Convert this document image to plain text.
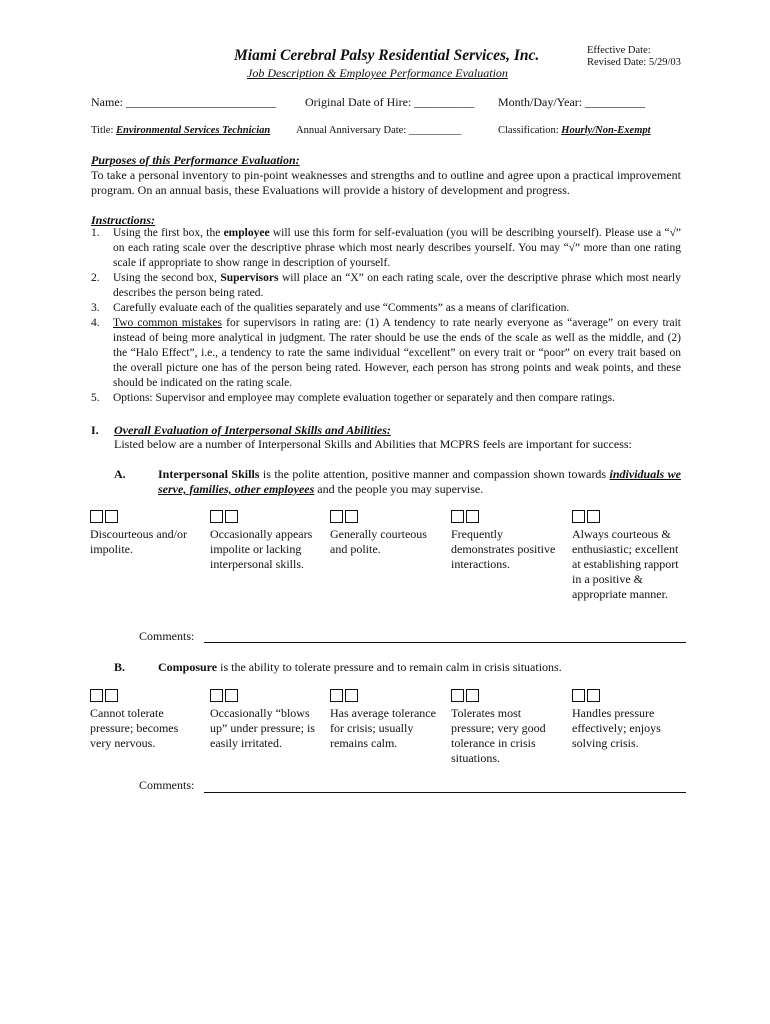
Miami Cerebral Palsy Residential Services, Inc.
Job Description & Employee Performance Evaluation
Effective Date:
Revised Date: 5/29/03
Name: _________________________ Original Date of Hire: __________ Month/Day/Year: __________
Title: Environmental Services Technician Annual Anniversary Date: __________	Classification: Hourly/Non-Exempt
Purposes of this Performance Evaluation:
To take a personal inventory to pin-point weaknesses and strengths and to outline and agree upon a practical improvement program. On an annual basis, these Evaluations will provide a history of development and progress.
Instructions:
1. Using the first box, the employee will use this form for self-evaluation (you will be describing yourself). Please use a “√” on each rating scale over the descriptive phrase which most nearly describes yourself. You may “√” more than one rating scale if appropriate to show range in description of yourself.
2. Using the second box, Supervisors will place an “X” on each rating scale, over the descriptive phrase which most nearly describes the person being rated.
3. Carefully evaluate each of the qualities separately and use “Comments” as a means of clarification.
4. Two common mistakes for supervisors in rating are: (1) A tendency to rate nearly everyone as “average” on every trait instead of being more analytical in judgment. The rater should be use the ends of the scale as well as the middle, and (2) the “Halo Effect”, i.e., a tendency to rate the same individual “excellent” on every trait or “poor” on every trait based on the overall picture one has of the person being rated. However, each person has strong points and weak points, and these should be indicated on the rating scale.
5. Options: Supervisor and employee may complete evaluation together or separately and then compare ratings.
I. Overall Evaluation of Interpersonal Skills and Abilities:
Listed below are a number of Interpersonal Skills and Abilities that MCPRS feels are important for success:
A.	Interpersonal Skills is the polite attention, positive manner and compassion shown towards individuals we serve, families, other employees and the people you may supervise.
Discourteous and/or impolite.
Occasionally appears impolite or lacking interpersonal skills.
Generally courteous and polite.
Frequently demonstrates positive interactions.
Always courteous & enthusiastic; excellent at establishing rapport in a positive & appropriate manner.
Comments:
B.	Composure is the ability to tolerate pressure and to remain calm in crisis situations.
Cannot tolerate pressure; becomes very nervous.
Occasionally “blows up” under pressure; is easily irritated.
Has average tolerance for crisis; usually remains calm.
Tolerates most pressure; very good tolerance in crisis situations.
Handles pressure effectively; enjoys solving crisis.
Comments:
